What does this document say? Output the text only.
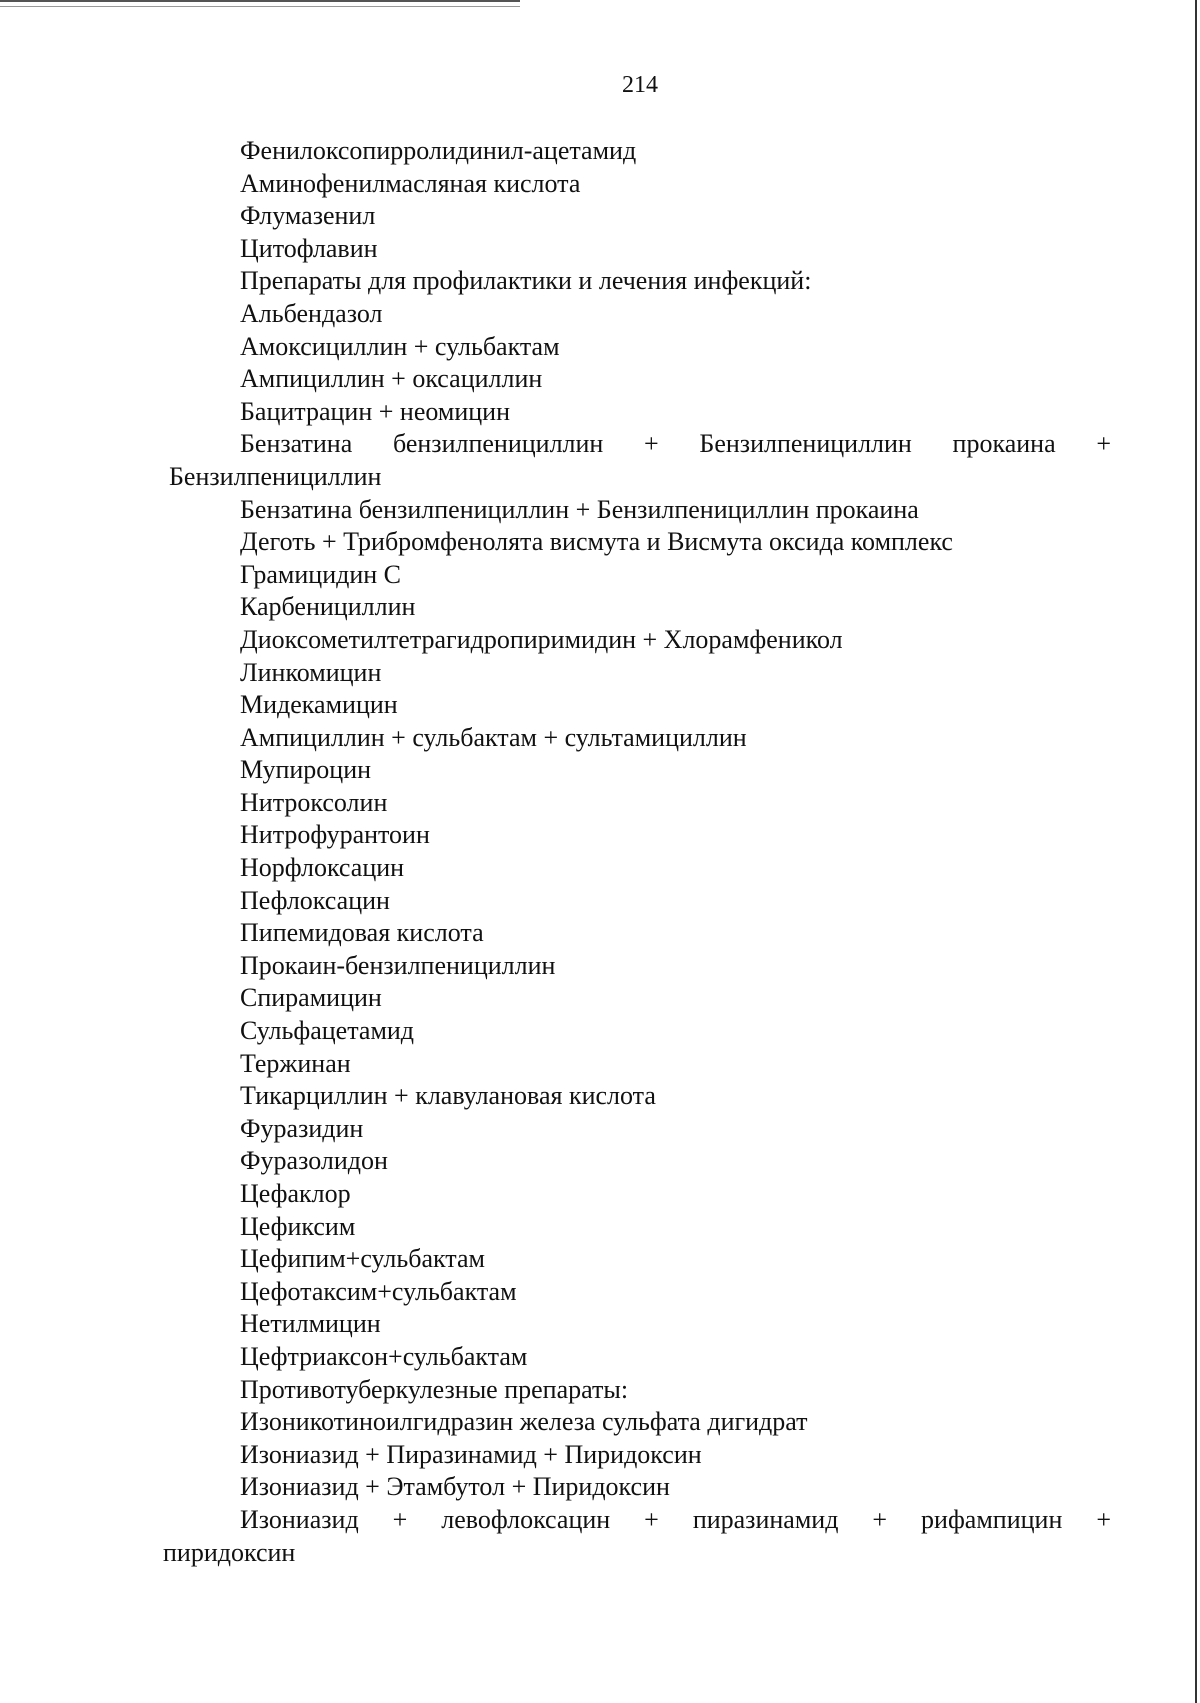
214
Фенилоксопирролидинил-ацетамид
Аминофенилмасляная кислота
Флумазенил
Цитофлавин
Препараты для профилактики и лечения инфекций:
Альбендазол
Амоксициллин + сульбактам
Ампициллин + оксациллин
Бацитрацин + неомицин
Бензатина бензилпенициллин + Бензилпенициллин прокаина +
Бензилпенициллин
Бензатина бензилпенициллин + Бензилпенициллин прокаина
Деготь + Трибромфенолята висмута и Висмута оксида комплекс
Грамицидин С
Карбенициллин
Диоксометилтетрагидропиримидин + Хлорамфеникол
Линкомицин
Мидекамицин
Ампициллин + сульбактам + сультамициллин
Мупироцин
Нитроксолин
Нитрофурантоин
Норфлоксацин
Пефлоксацин
Пипемидовая кислота
Прокаин-бензилпенициллин
Спирамицин
Сульфацетамид
Тержинан
Тикарциллин + клавулановая кислота
Фуразидин
Фуразолидон
Цефаклор
Цефиксим
Цефипим+сульбактам
Цефотаксим+сульбактам
Нетилмицин
Цефтриаксон+сульбактам
Противотуберкулезные препараты:
Изоникотиноилгидразин железа сульфата дигидрат
Изониазид + Пиразинамид + Пиридоксин
Изониазид + Этамбутол + Пиридоксин
Изониазид + левофлоксацин + пиразинамид + рифампицин +
пиридоксин
